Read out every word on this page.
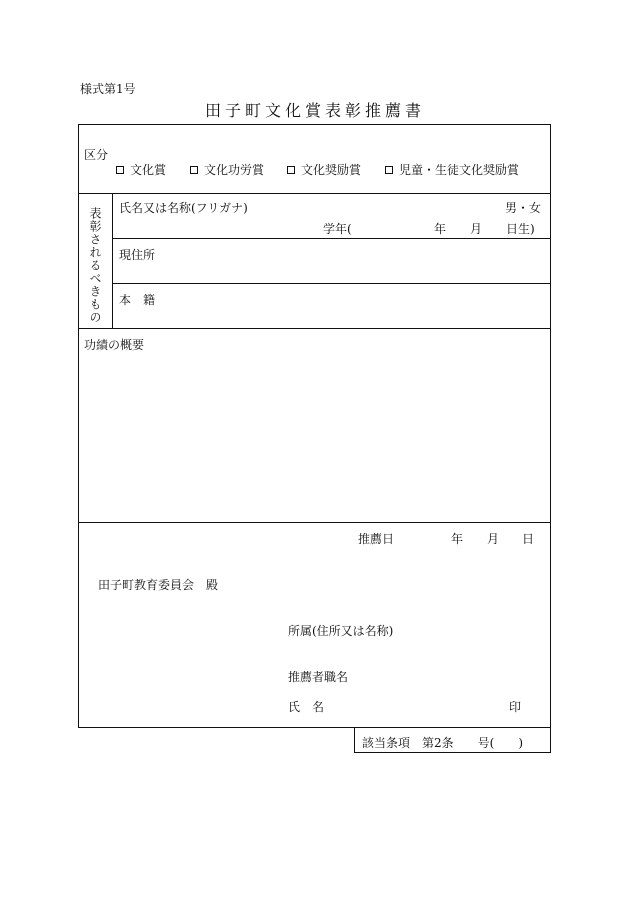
様式第1号
田子町文化賞表彰推薦書
区分
文化賞	文化功労賞	文化奨励賞	児童・生徒文化奨励賞
表彰されるべきもの 氏名又は名称(フリガナ)	男・女
学年(	年 月 日生)
現住所
本　籍
功績の概要
推薦日	年 月 日
田子町教育委員会　殿
所属(住所又は名称)
推薦者職名
氏　名	印
該当条項　第2条　　号(　　)
